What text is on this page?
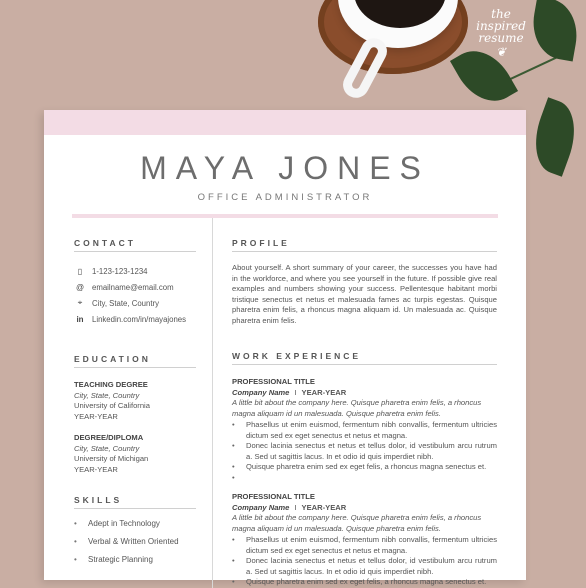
the
inspired
resume
❦
MAYA JONES
OFFICE ADMINISTRATOR
CONTACT
▯	1-123-123-1234
@ emailname@email.com
⌖	City, State, Country
in	Linkedin.com/in/mayajones
EDUCATION
TEACHING DEGREE
City, State, Country
University of California
YEAR-YEAR
DEGREE/DIPLOMA
City, State, Country
University of Michigan
YEAR-YEAR
SKILLS
• Adept in Technology
• Verbal & Written Oriented
• Strategic Planning
PROFILE

About yourself. A short summary of your career, the successes you have had in the workforce, and where you see yourself in the future. If possible give real examples and numbers showing your success. Pellentesque habitant morbi tristique senectus et netus et malesuada fames ac turpis egestas. Quisque pharetra enim felis, a rhoncus magna aliquam id. Un malesuada ac. Quisque pharetra enim felis.

WORK EXPERIENCE
PROFESSIONAL TITLE
Company Name I YEAR-YEAR
A little bit about the company here. Quisque pharetra enim felis, a rhoncus magna aliquam id un malesuada. Quisque pharetra enim felis.
•	Phasellus ut enim euismod, fermentum nibh convallis, fermentum ultricies dictum sed ex eget senectus et netus et magna.
•	Donec lacinia senectus et netus et tellus dolor, id vestibulum arcu rutrum a. Sed ut sagittis lacus. In et odio id quis imperdiet nibh.
•	Quisque pharetra enim sed ex eget felis, a rhoncus magna senectus et.
•
PROFESSIONAL TITLE
Company Name I YEAR-YEAR
A little bit about the company here. Quisque pharetra enim felis, a rhoncus magna aliquam id un malesuada. Quisque pharetra enim felis.
•	Phasellus ut enim euismod, fermentum nibh convallis, fermentum ultricies dictum sed ex eget senectus et netus et magna.
•	Donec lacinia senectus et netus et tellus dolor, id vestibulum arcu rutrum a. Sed ut sagittis lacus. In et odio id quis imperdiet nibh.
•	Quisque pharetra enim sed ex eget felis, a rhoncus magna senectus et.
